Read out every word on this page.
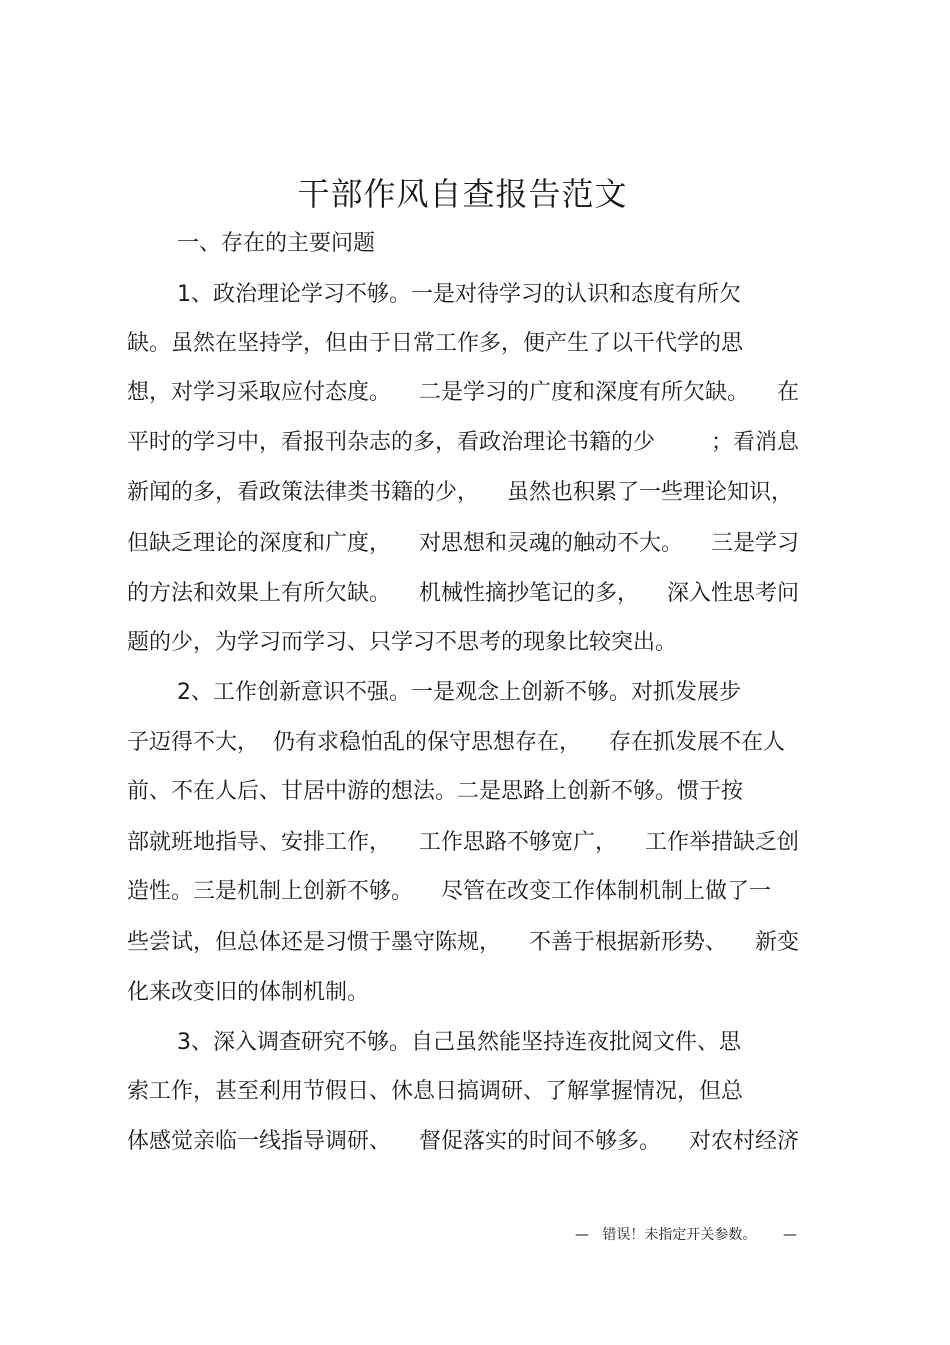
干部作风自查报告范文
一、存在的主要问题
1、政治理论学习不够。一是对待学习的认识和态度有所欠
缺。虽然在坚持学，但由于日常工作多，便产生了以干代学的思
想，对学习采取应付态度。    二是学习的广度和深度有所欠缺。    在
平时的学习中，看报刊杂志的多，看政治理论书籍的少        ；看消息
新闻的多，看政策法律类书籍的少，    虽然也积累了一些理论知识，
但缺乏理论的深度和广度，    对思想和灵魂的触动不大。    三是学习
的方法和效果上有所欠缺。    机械性摘抄笔记的多，    深入性思考问
题的少，为学习而学习、只学习不思考的现象比较突出。
2、工作创新意识不强。一是观念上创新不够。对抓发展步
子迈得不大，  仍有求稳怕乱的保守思想存在，    存在抓发展不在人
前、不在人后、甘居中游的想法。二是思路上创新不够。惯于按
部就班地指导、安排工作，    工作思路不够宽广，    工作举措缺乏创
造性。三是机制上创新不够。    尽管在改变工作体制机制上做了一
些尝试，但总体还是习惯于墨守陈规，    不善于根据新形势、    新变
化来改变旧的体制机制。
3、深入调查研究不够。自己虽然能坚持连夜批阅文件、思
索工作，甚至利用节假日、休息日搞调研、了解掌握情况，但总
体感觉亲临一线指导调研、    督促落实的时间不够多。    对农村经济
—   错误！未指定开关参数。      —
